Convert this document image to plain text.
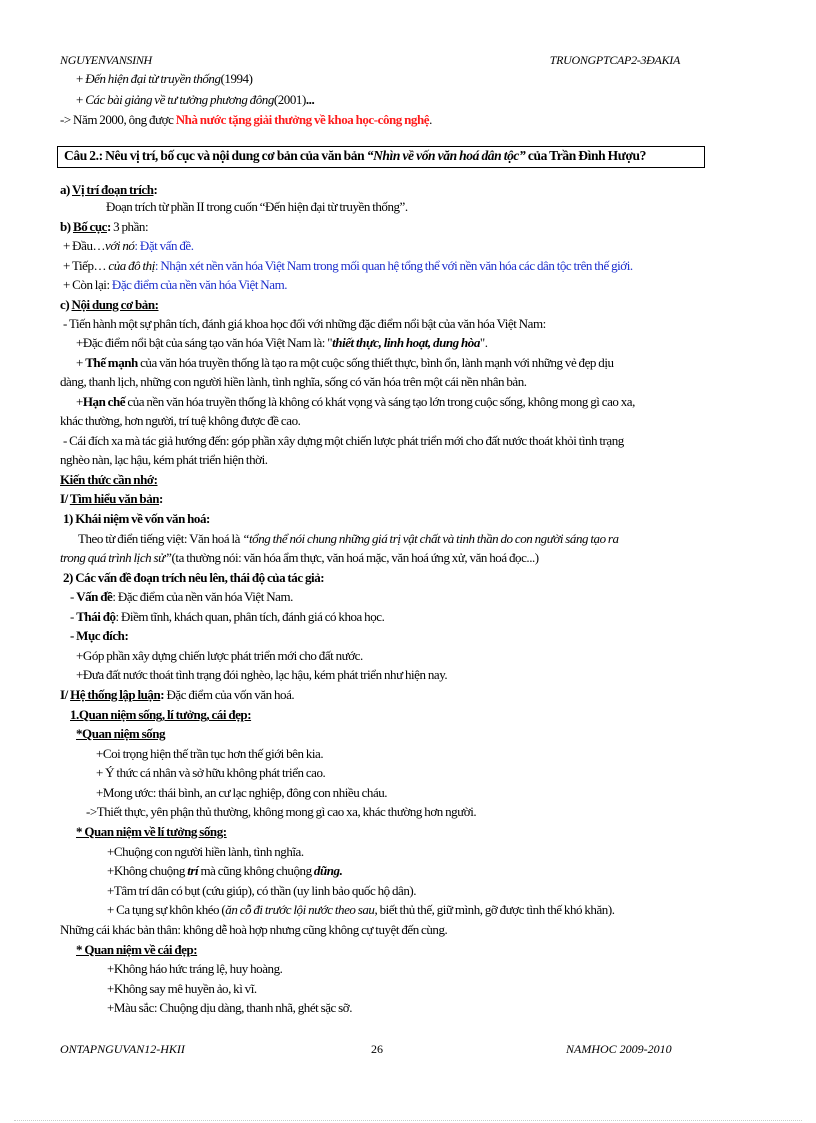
NGUYENVANSINH	TRUONGPTCAP2-3ĐAKIA
+ Đến hiện đại từ truyền thống(1994)
+ Các bài giảng về tư tưởng phương đông(2001)...
-> Năm 2000, ông được Nhà nước tặng giải thưởng về khoa học-công nghệ.
Câu 2.: Nêu vị trí, bố cục và nội dung cơ bản của văn bản “Nhìn về vốn văn hoá dân tộc” của Trần Đình Hượu?
a) Vị trí đoạn trích:
Đoạn trích từ phần II trong cuốn “Đến hiện đại từ truyền thống”.
b) Bố cục: 3 phần:
+ Đầu…với nó: Đặt vấn đề.
+ Tiếp… của đô thị: Nhận xét nền văn hóa Việt Nam trong mối quan hệ tổng thể với nền văn hóa các dân tộc trên thế giới.
+ Còn lại: Đặc điểm của nền văn hóa Việt Nam.
c) Nội dung cơ bản:
- Tiến hành một sự phân tích, đánh giá khoa học đối với những đặc điểm nổi bật của văn hóa Việt Nam:
+Đặc điểm nổi bật của sáng tạo văn hóa Việt Nam là: "thiết thực, linh hoạt, dung hòa".
+ Thế mạnh của văn hóa truyền thống là tạo ra một cuộc sống thiết thực, bình ổn, lành mạnh với những vẻ đẹp dịu
dàng, thanh lịch, những con người hiền lành, tình nghĩa, sống có văn hóa trên một cái nền nhân bản.
+Hạn chế của nền văn hóa truyền thống là không có khát vọng và sáng tạo lớn trong cuộc sống, không mong gì cao xa,
khác thường, hơn người, trí tuệ không được đề cao.
- Cái đích xa mà tác giả hướng đến: góp phần xây dựng một chiến lược phát triển mới cho đất nước thoát khỏi tình trạng
nghèo nàn, lạc hậu, kém phát triển hiện thời.
Kiến thức cần nhớ:
I/ Tìm hiểu văn bản:
1) Khái niệm về vốn văn hoá:
Theo từ điển tiếng việt: Văn hoá là “tổng thể nói chung những giá trị vật chất và tinh thần do con người sáng tạo ra
trong quá trình lịch sử”(ta thường nói: văn hóa ẩm thực, văn hoá mặc, văn hoá ứng xử, văn hoá đọc...)
2) Các vấn đề đoạn trích nêu lên, thái độ của tác giả:
- Vấn đề: Đặc điểm của nền văn hóa Việt Nam.
- Thái độ: Điềm tĩnh, khách quan, phân tích, đánh giá có khoa học.
- Mục đích:
+Góp phần xây dựng chiến lược phát triển mới cho đất nước.
+Đưa đất nước thoát tình trạng đói nghèo, lạc hậu, kém phát triển như hiện nay.
I/ Hệ thống lập luận: Đặc điểm của vốn văn hoá.
1.Quan niệm sống, lí tưởng, cái đẹp:
*Quan niệm sống
+Coi trọng hiện thế trần tục hơn thế giới bên kia.
+ Ý thức cá nhân và sở hữu không phát triển cao.
+Mong ước: thái bình, an cư lạc nghiệp, đông con nhiều cháu.
->Thiết thực, yên phận thủ thường, không mong gì cao xa, khác thường hơn người.
* Quan niệm về lí tưởng sống:
+Chuộng con người hiền lành, tình nghĩa.
+Không chuộng trí mà cũng không chuộng dũng.
+Tâm trí dân có bụt (cứu giúp), có thần (uy linh bảo quốc hộ dân).
+ Ca tụng sự khôn khéo (ăn cỗ đi trước lội nước theo sau, biết thủ thế, giữ mình, gỡ được tình thế khó khăn).
Những cái khác bản thân: không dễ hoà hợp nhưng cũng không cự tuyệt đến cùng.
* Quan niệm về cái đẹp:
+Không háo hức tráng lệ, huy hoàng.
+Không say mê huyền ảo, kì vĩ.
+Màu sắc: Chuộng dịu dàng, thanh nhã, ghét sặc sỡ.
ONTAPNGUVAN12-HKII	26	NAMHOC 2009-2010
